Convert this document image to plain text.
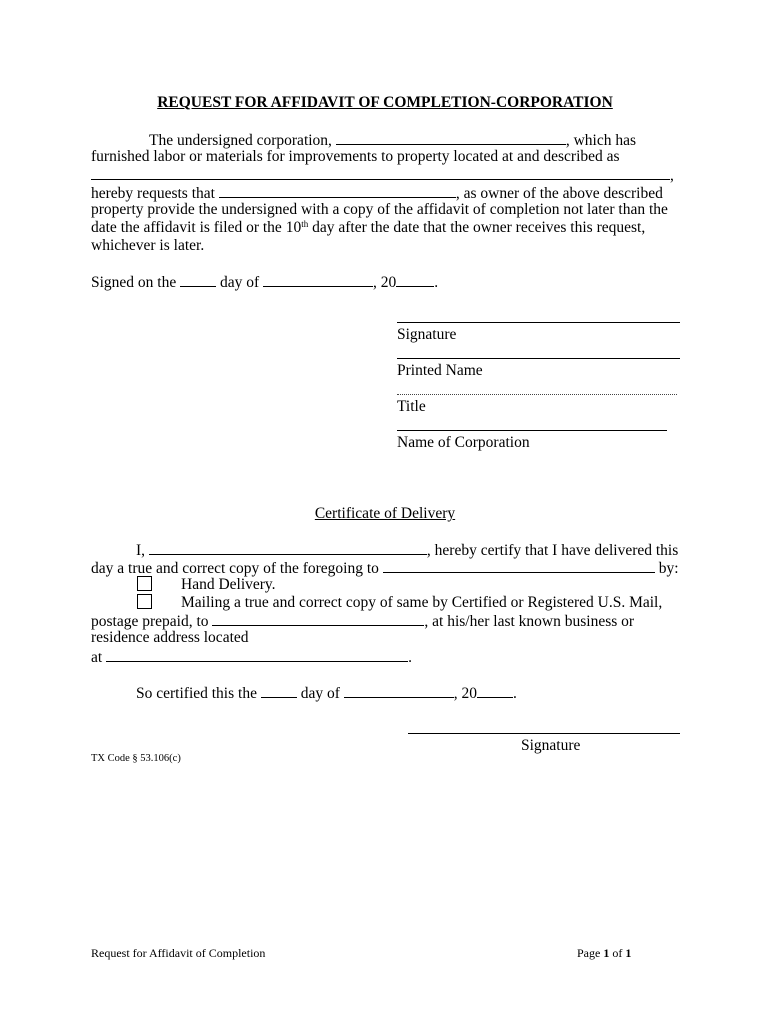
REQUEST FOR AFFIDAVIT OF COMPLETION-CORPORATION
The undersigned corporation,	, which has
furnished labor or materials for improvements to property located at and described as
,
hereby requests that	, as owner of the above described
property provide the undersigned with a copy of the affidavit of completion not later than the
date the affidavit is filed or the 10th day after the date that the owner receives this request,
whichever is later.
Signed on the	day of	, 20 .
Signature
Printed Name
Title
Name of Corporation
Certificate of Delivery
I,	, hereby certify that I have delivered this
day a true and correct copy of the foregoing to	by:
Hand Delivery.
Mailing a true and correct copy of same by Certified or Registered U.S. Mail,
postage prepaid, to	, at his/her last known business or
residence address located
at	.
So certified this the	day of	, 20 .
Signature
TX Code § 53.106(c)
Request for Affidavit of Completion	Page 1 of 1
